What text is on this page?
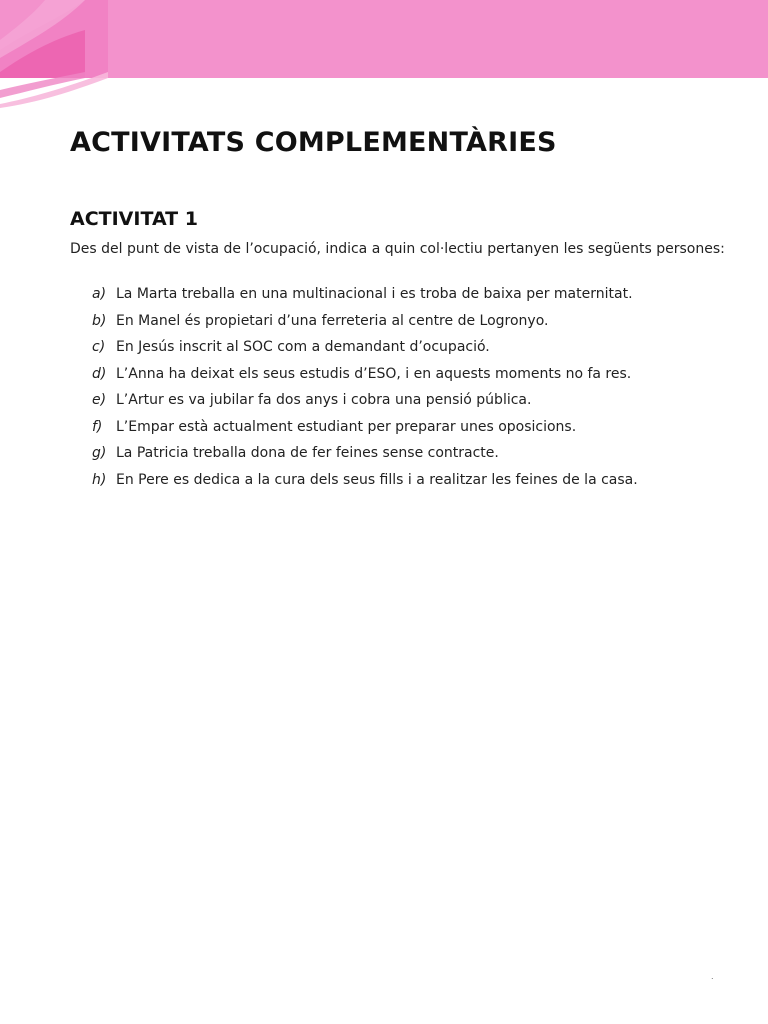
ACTIVITATS COMPLEMENTÀRIES
ACTIVITAT 1

Des del punt de vista de l’ocupació, indica a quin col·lectiu pertanyen les següents persones:

a) La Marta treballa en una multinacional i es troba de baixa per maternitat.
b) En Manel és propietari d’una ferreteria al centre de Logronyo.
c) En Jesús inscrit al SOC com a demandant d’ocupació.
d) L’Anna ha deixat els seus estudis d’ESO, i en aquests moments no fa res.
e) L’Artur es va jubilar fa dos anys i cobra una pensió pública.
f) L’Empar està actualment estudiant per preparar unes oposicions.
g) La Patricia treballa dona de fer feines sense contracte.
h) En Pere es dedica a la cura dels seus fills i a realitzar les feines de la casa.
.
